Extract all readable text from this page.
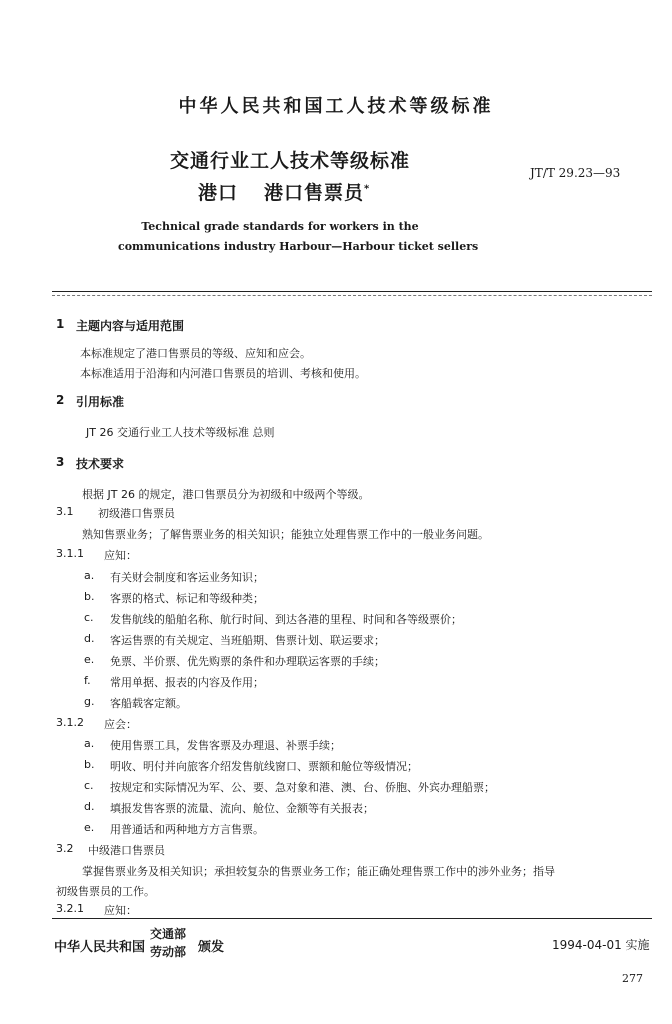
中华人民共和国工人技术等级标准
交通行业工人技术等级标准
港口 港口售票员*
JT/T 29.23—93
Technical grade standards for workers in the
communications industry Harbour—Harbour ticket sellers
1 主题内容与适用范围
本标准规定了港口售票员的等级、应知和应会。
本标准适用于沿海和内河港口售票员的培训、考核和使用。
2 引用标准
JT 26 交通行业工人技术等级标准 总则
3 技术要求
根据 JT 26 的规定，港口售票员分为初级和中级两个等级。
3.1 初级港口售票员
熟知售票业务；了解售票业务的相关知识；能独立处理售票工作中的一般业务问题。
3.1.1 应知：
a. 有关财会制度和客运业务知识；
b. 客票的格式、标记和等级种类；
c. 发售航线的船舶名称、航行时间、到达各港的里程、时间和各等级票价；
d. 客运售票的有关规定、当班船期、售票计划、联运要求；
e. 免票、半价票、优先购票的条件和办理联运客票的手续；
f. 常用单据、报表的内容及作用；
g. 客船载客定额。
3.1.2 应会：
a. 使用售票工具，发售客票及办理退、补票手续；
b. 明收、明付并向旅客介绍发售航线窗口、票额和舱位等级情况；
c. 按规定和实际情况为军、公、要、急对象和港、澳、台、侨胞、外宾办理船票；
d. 填报发售客票的流量、流向、舱位、金额等有关报表；
e. 用普通话和两种地方方言售票。
3.2 中级港口售票员
掌握售票业务及相关知识；承担较复杂的售票业务工作；能正确处理售票工作中的涉外业务；指导
初级售票员的工作。
3.2.1 应知：
中华人民共和国
交通部
劳动部 颁发	1994-04-01 实施
277
